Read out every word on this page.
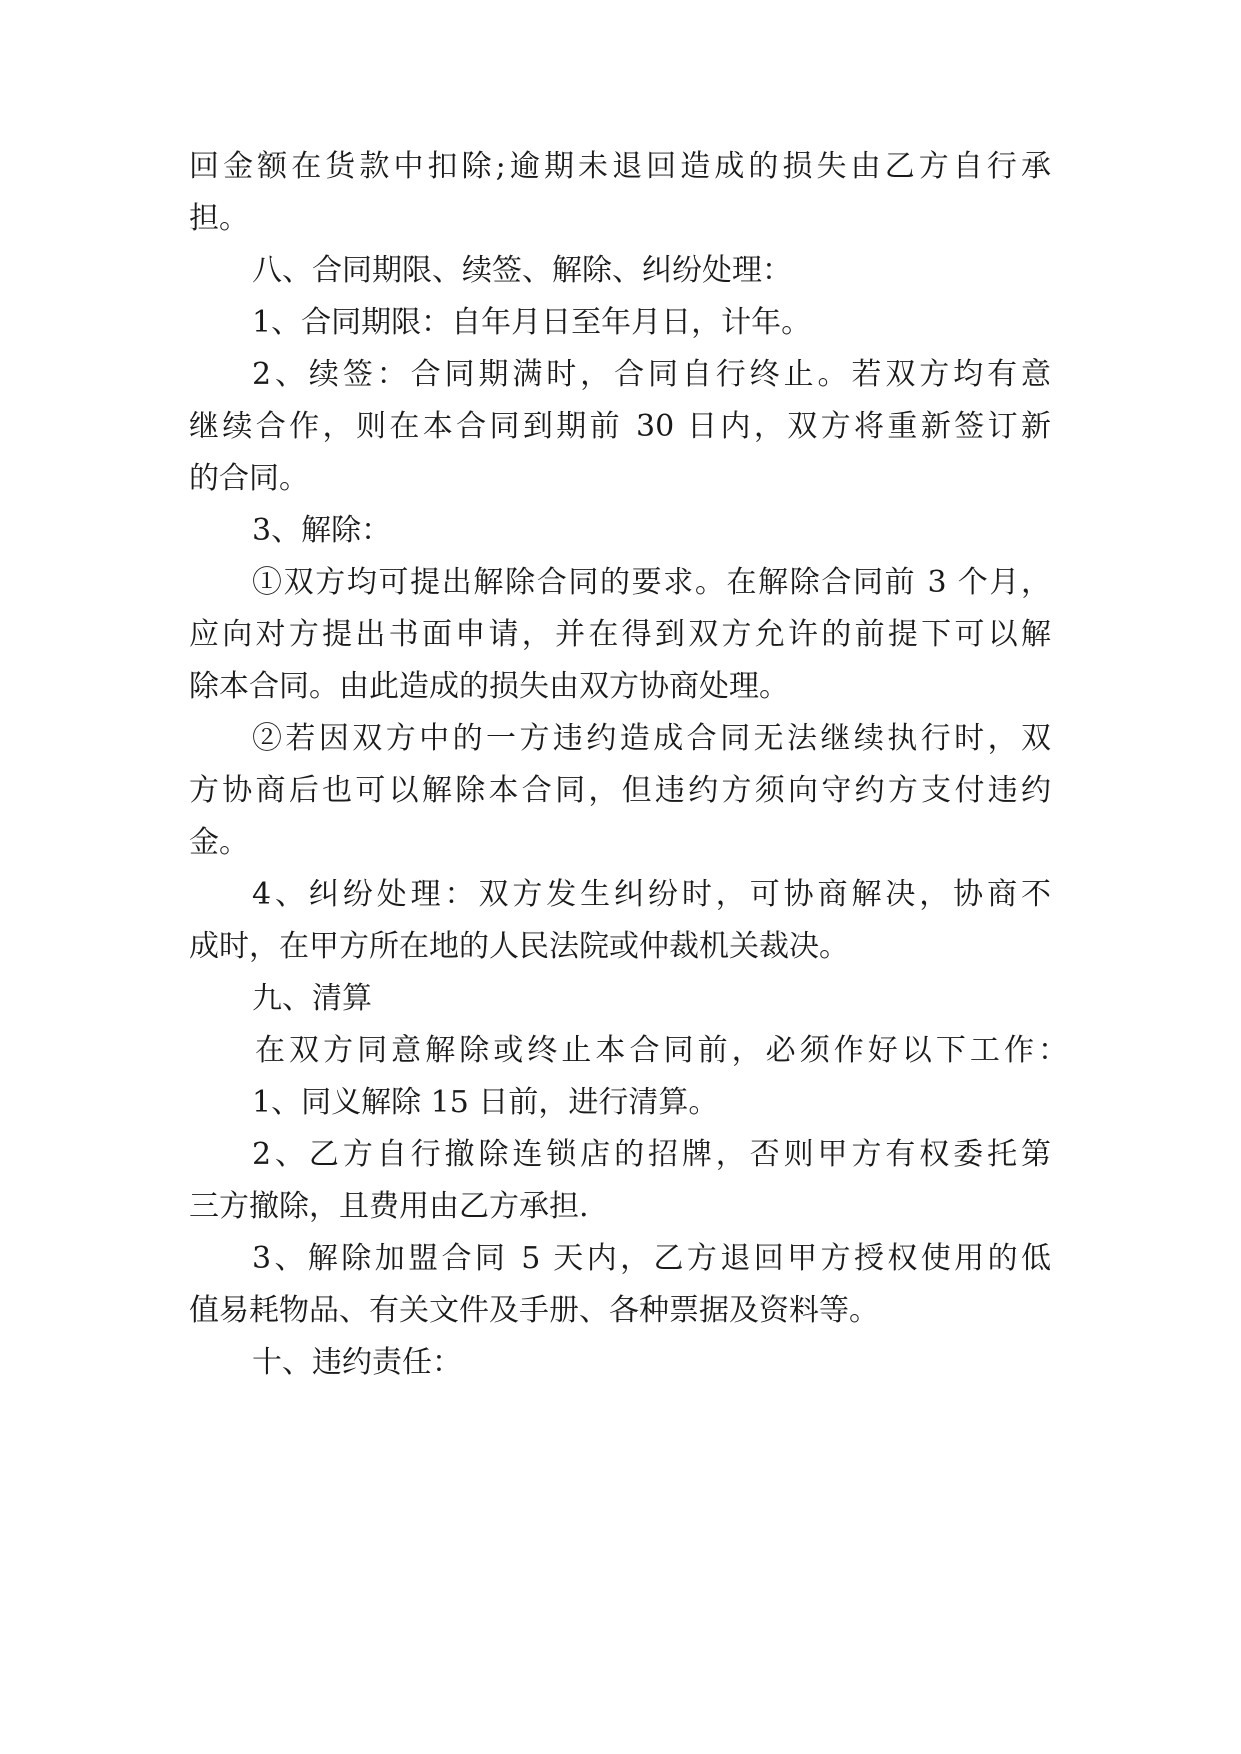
回金额在货款中扣除;逾期未退回造成的损失由乙方自行承
担。
八、合同期限、续签、解除、纠纷处理：
1、合同期限：自年月日至年月日，计年。
2、续签：合同期满时，合同自行终止。若双方均有意
继续合作，则在本合同到期前 30 日内，双方将重新签订新
的合同。
3、解除：
①双方均可提出解除合同的要求。在解除合同前 3 个月，
应向对方提出书面申请，并在得到双方允许的前提下可以解
除本合同。由此造成的损失由双方协商处理。
②若因双方中的一方违约造成合同无法继续执行时，双
方协商后也可以解除本合同，但违约方须向守约方支付违约
金。
4、纠纷处理：双方发生纠纷时，可协商解决，协商不
成时，在甲方所在地的人民法院或仲裁机关裁决。
九、清算
在双方同意解除或终止本合同前，必须作好以下工作：
1、同义解除 15 日前，进行清算。
2、乙方自行撤除连锁店的招牌，否则甲方有权委托第
三方撤除，且费用由乙方承担.
3、解除加盟合同 5 天内，乙方退回甲方授权使用的低
值易耗物品、有关文件及手册、各种票据及资料等。
十、违约责任：
